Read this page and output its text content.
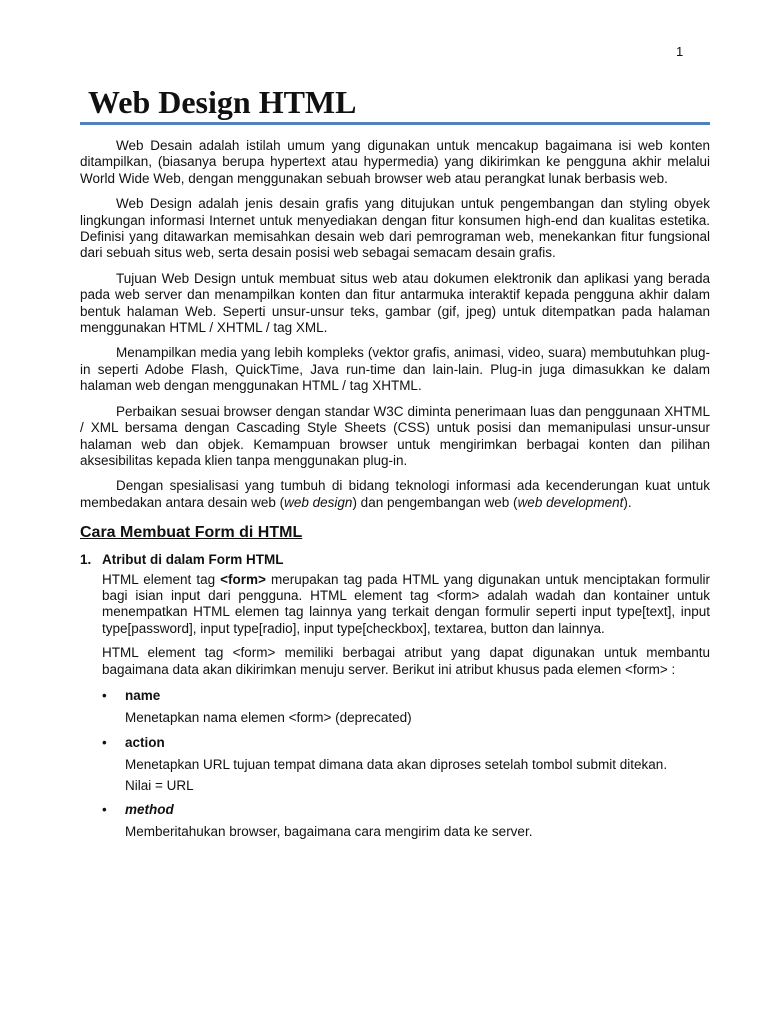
1
Web Design HTML

Web Desain adalah istilah umum yang digunakan untuk mencakup bagaimana isi web konten ditampilkan, (biasanya berupa hypertext atau hypermedia) yang dikirimkan ke pengguna akhir melalui World Wide Web, dengan menggunakan sebuah browser web atau perangkat lunak berbasis web.

Web Design adalah jenis desain grafis yang ditujukan untuk pengembangan dan styling obyek lingkungan informasi Internet untuk menyediakan dengan fitur konsumen high-end dan kualitas estetika. Definisi yang ditawarkan memisahkan desain web dari pemrograman web, menekankan fitur fungsional dari sebuah situs web, serta desain posisi web sebagai semacam desain grafis.

Tujuan Web Design untuk membuat situs web atau dokumen elektronik dan aplikasi yang berada pada web server dan menampilkan konten dan fitur antarmuka interaktif kepada pengguna akhir dalam bentuk halaman Web. Seperti unsur-unsur teks, gambar (gif, jpeg) untuk ditempatkan pada halaman menggunakan HTML / XHTML / tag XML.

Menampilkan media yang lebih kompleks (vektor grafis, animasi, video, suara) membutuhkan plug-in seperti Adobe Flash, QuickTime, Java run-time dan lain-lain. Plug-in juga dimasukkan ke dalam halaman web dengan menggunakan HTML / tag XHTML.

Perbaikan sesuai browser dengan standar W3C diminta penerimaan luas dan penggunaan XHTML / XML bersama dengan Cascading Style Sheets (CSS) untuk posisi dan memanipulasi unsur-unsur halaman web dan objek. Kemampuan browser untuk mengirimkan berbagai konten dan pilihan aksesibilitas kepada klien tanpa menggunakan plug-in.

Dengan spesialisasi yang tumbuh di bidang teknologi informasi ada kecenderungan kuat untuk membedakan antara desain web (web design) dan pengembangan web (web development).

Cara Membuat Form di HTML
1. Atribut di dalam Form HTML

HTML element tag <form> merupakan tag pada HTML yang digunakan untuk menciptakan formulir bagi isian input dari pengguna. HTML element tag <form> adalah wadah dan kontainer untuk menempatkan HTML elemen tag lainnya yang terkait dengan formulir seperti input type[text], input type[password], input type[radio], input type[checkbox], textarea, button dan lainnya.

HTML element tag <form> memiliki berbagai atribut yang dapat digunakan untuk membantu bagaimana data akan dikirimkan menuju server. Berikut ini atribut khusus pada elemen <form> :

• name
Menetapkan nama elemen <form> (deprecated)
• action
Menetapkan URL tujuan tempat dimana data akan diproses setelah tombol submit ditekan.
Nilai = URL
• method
Memberitahukan browser, bagaimana cara mengirim data ke server.
